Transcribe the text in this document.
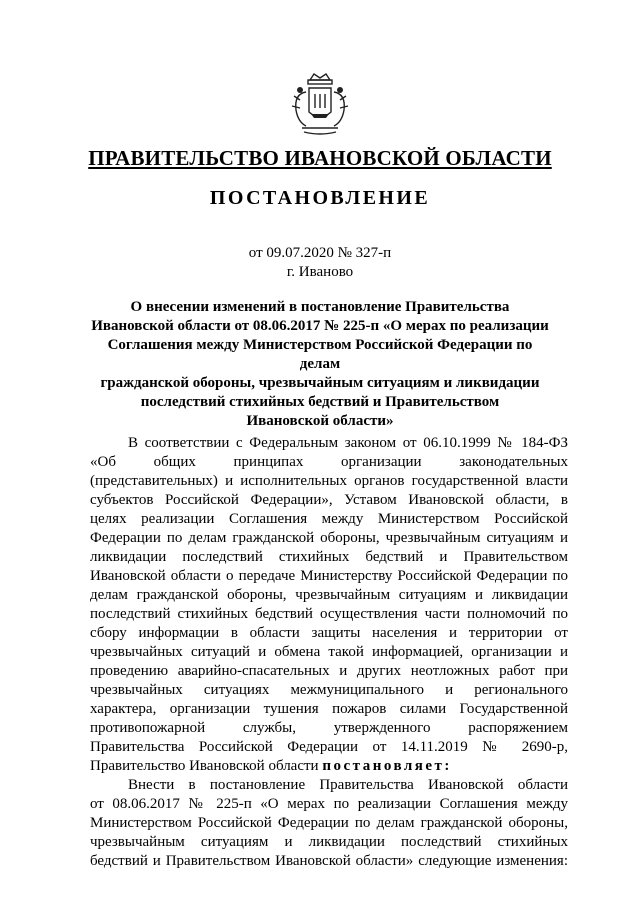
ПРАВИТЕЛЬСТВО ИВАНОВСКОЙ ОБЛАСТИ
ПОСТАНОВЛЕНИЕ
от 09.07.2020 № 327-п
г. Иваново
О внесении изменений в постановление Правительства
Ивановской области от 08.06.2017 № 225-п «О мерах по реализации
Соглашения между Министерством Российской Федерации по делам
гражданской обороны, чрезвычайным ситуациям и ликвидации
последствий стихийных бедствий и Правительством
Ивановской области»
В соответствии с Федеральным законом от 06.10.1999 № 184-ФЗ
«Об общих принципах организации законодательных
(представительных) и исполнительных органов государственной власти
субъектов Российской Федерации», Уставом Ивановской области, в
целях реализации Соглашения между Министерством Российской
Федерации по делам гражданской обороны, чрезвычайным ситуациям и
ликвидации последствий стихийных бедствий и Правительством
Ивановской области о передаче Министерству Российской Федерации по
делам гражданской обороны, чрезвычайным ситуациям и ликвидации
последствий стихийных бедствий осуществления части полномочий по
сбору информации в области защиты населения и территории от
чрезвычайных ситуаций и обмена такой информацией, организации и
проведению аварийно-спасательных и других неотложных работ при
чрезвычайных ситуациях межмуниципального и регионального
характера, организации тушения пожаров силами Государственной
противопожарной службы, утвержденного распоряжением
Правительства Российской Федерации от 14.11.2019 № 2690-р,
Правительство Ивановской области постановляет:
Внести в постановление Правительства Ивановской области
от 08.06.2017 № 225-п «О мерах по реализации Соглашения между
Министерством Российской Федерации по делам гражданской обороны,
чрезвычайным ситуациям и ликвидации последствий стихийных
бедствий и Правительством Ивановской области» следующие изменения:
